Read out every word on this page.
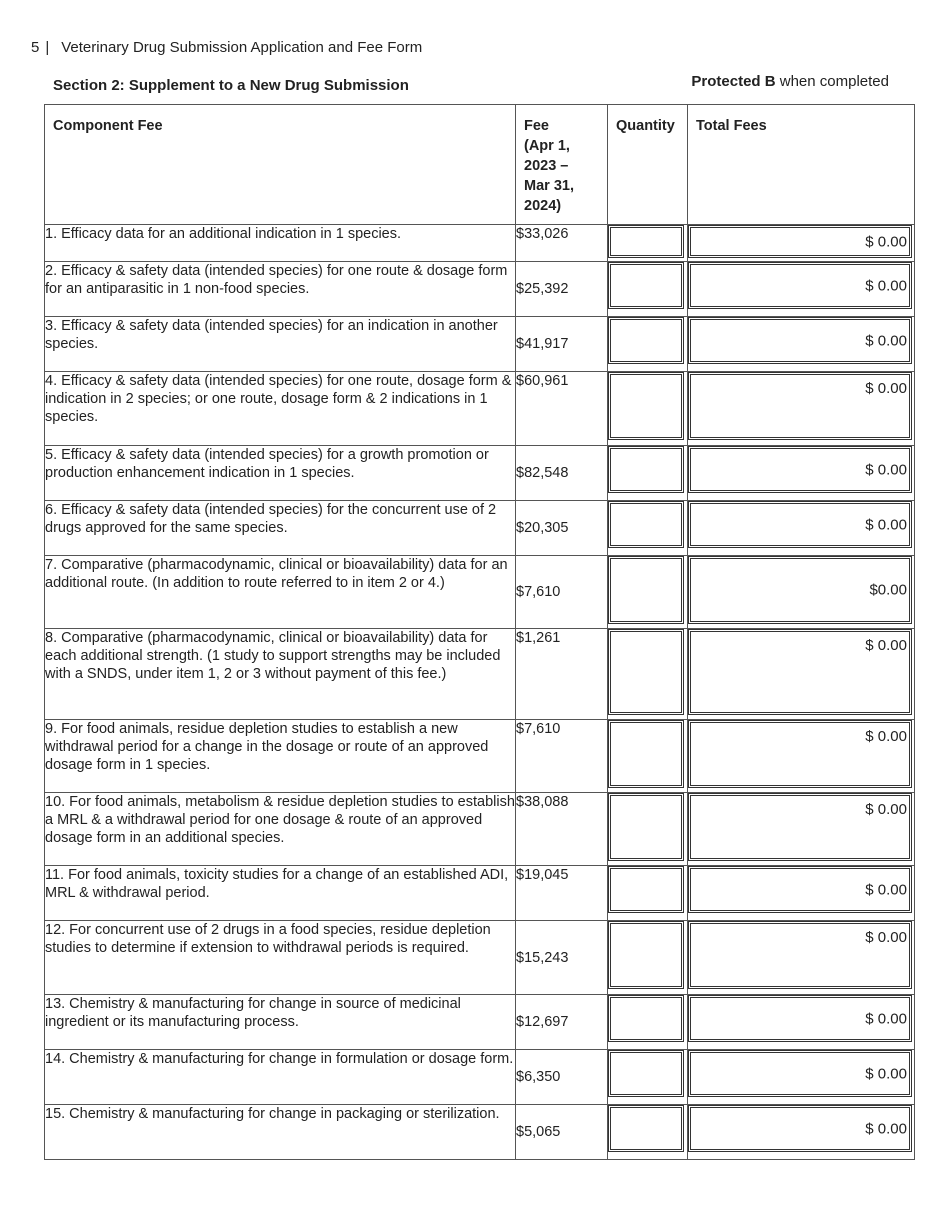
5 | Veterinary Drug Submission Application and Fee Form
Section 2: Supplement to a New Drug Submission	Protected B when completed
Component Fee	Fee
(Apr 1,
2023 –
Mar 31,
2024)	Quantity	Total Fees
1. Efficacy data for an additional indication in 1 species.	$33,026		$ 0.00

2. Efficacy & safety data (intended species) for one route & dosage form for an antiparasitic in 1 non-food species.	$25,392		$ 0.00

3. Efficacy & safety data (intended species) for an indication in another species.	$41,917		$ 0.00

4. Efficacy & safety data (intended species) for one route, dosage form & indication in 2 species; or one route, dosage form & 2 indications in 1 species.	$60,961		$ 0.00

5. Efficacy & safety data (intended species) for a growth promotion or production enhancement indication in 1 species.	$82,548		$ 0.00

6. Efficacy & safety data (intended species) for the concurrent use of 2 drugs approved for the same species.	$20,305		$ 0.00

7. Comparative (pharmacodynamic, clinical or bioavailability) data for an additional route. (In addition to route referred to in item 2 or 4.)	$7,610		$0.00

8. Comparative (pharmacodynamic, clinical or bioavailability) data for each additional strength. (1 study to support strengths may be included with a SNDS, under item 1, 2 or 3 without payment of this fee.)	$1,261		$ 0.00

9. For food animals, residue depletion studies to establish a new withdrawal period for a change in the dosage or route of an approved dosage form in 1 species.	$7,610		$ 0.00

10. For food animals, metabolism & residue depletion studies to establish a MRL & a withdrawal period for one dosage & route of an approved dosage form in an additional species.	$38,088		$ 0.00

11. For food animals, toxicity studies for a change of an established ADI, MRL & withdrawal period.	$19,045		$ 0.00

12. For concurrent use of 2 drugs in a food species, residue depletion studies to determine if extension to withdrawal periods is required.	$15,243		$ 0.00

13. Chemistry & manufacturing for change in source of medicinal ingredient or its manufacturing process.	$12,697		$ 0.00

14. Chemistry & manufacturing for change in formulation or dosage form.	$6,350		$ 0.00

15. Chemistry & manufacturing for change in packaging or sterilization.	$5,065		$ 0.00
